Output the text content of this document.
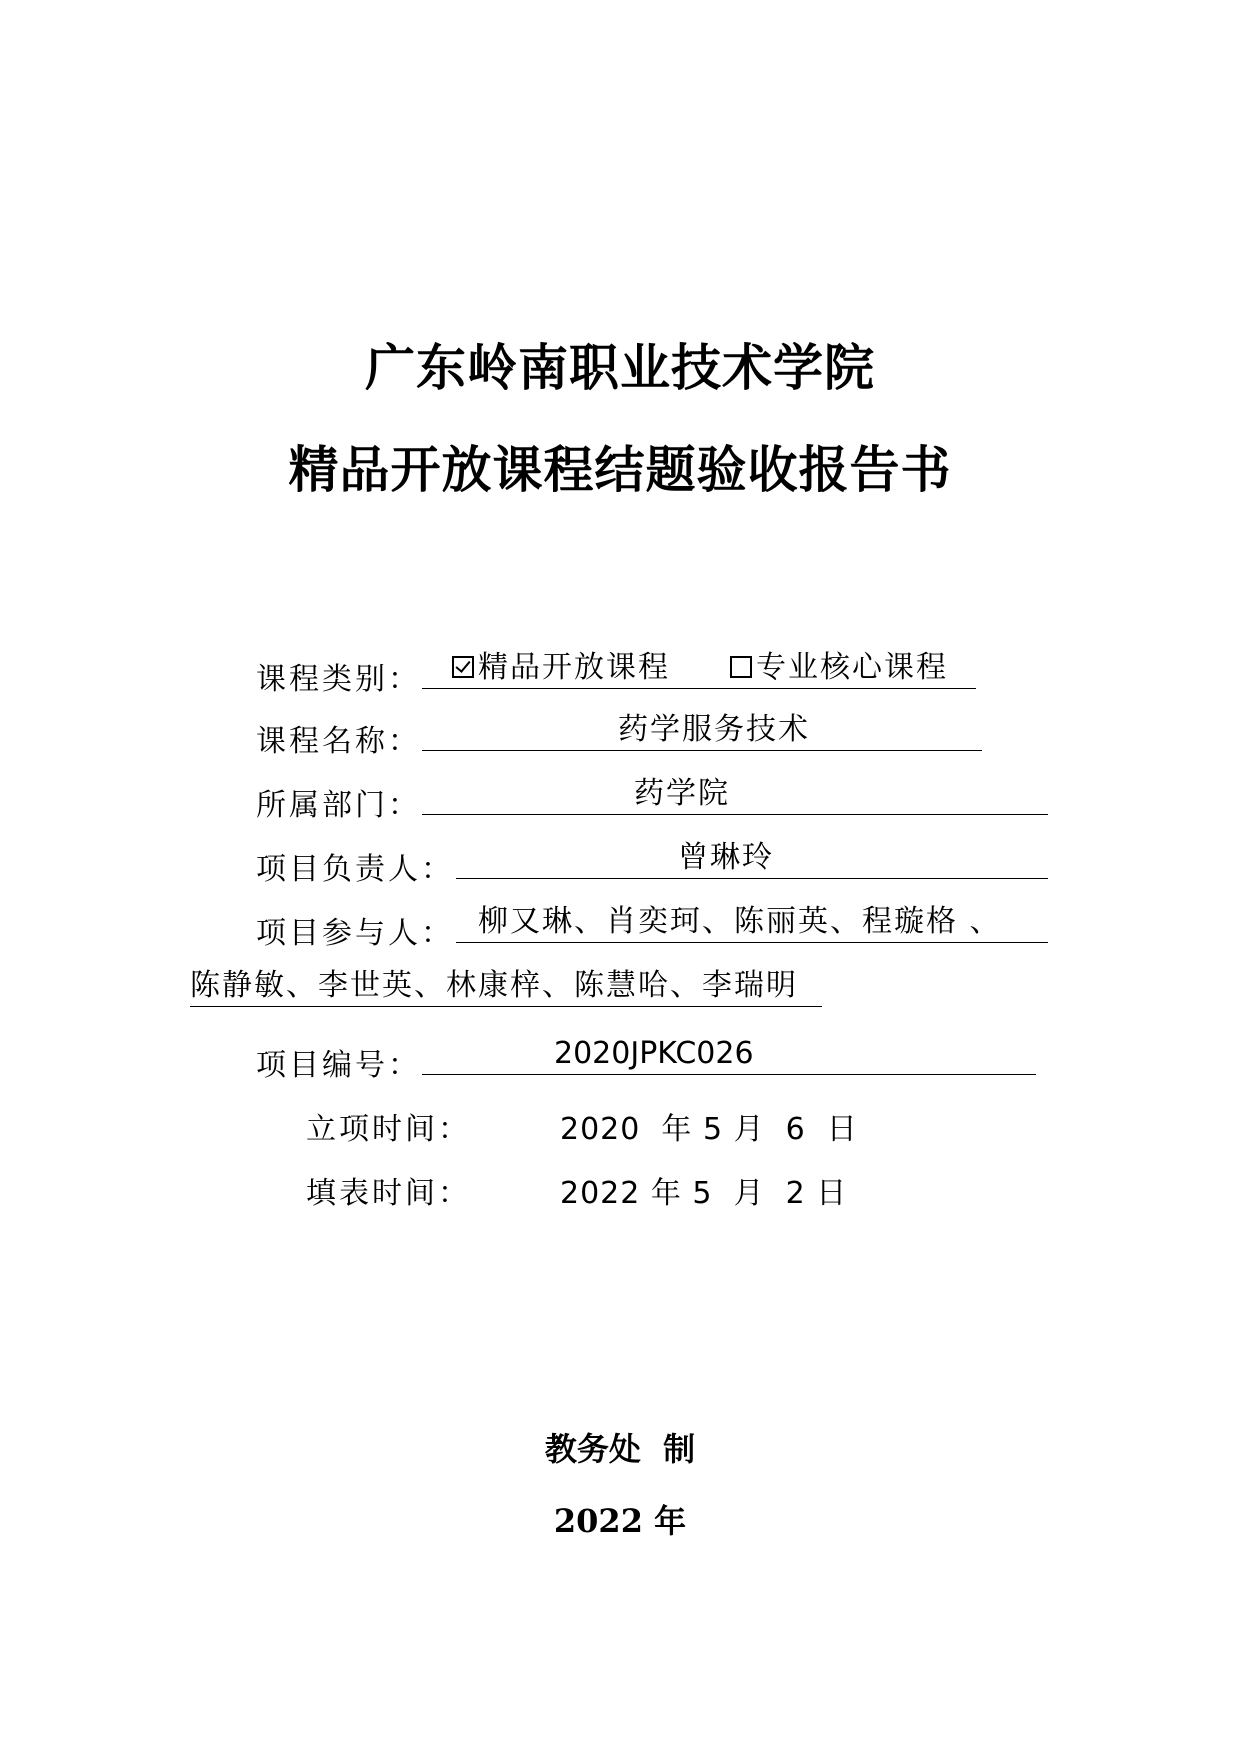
广东岭南职业技术学院
精品开放课程结题验收报告书
课程类别：	精品开放课程	专业核心课程
课程名称：	药学服务技术
所属部门：	药学院
项目负责人：	曾琳玲
项目参与人： 柳又琳、肖奕珂、陈丽英、程璇格 、
陈静敏、李世英、林康梓、陈慧哈、李瑞明
项目编号：	2020JPKC026
立项时间：	2020  年 5 月  6  日
填表时间：	2022 年 5  月  2 日
教务处  制
2022 年
